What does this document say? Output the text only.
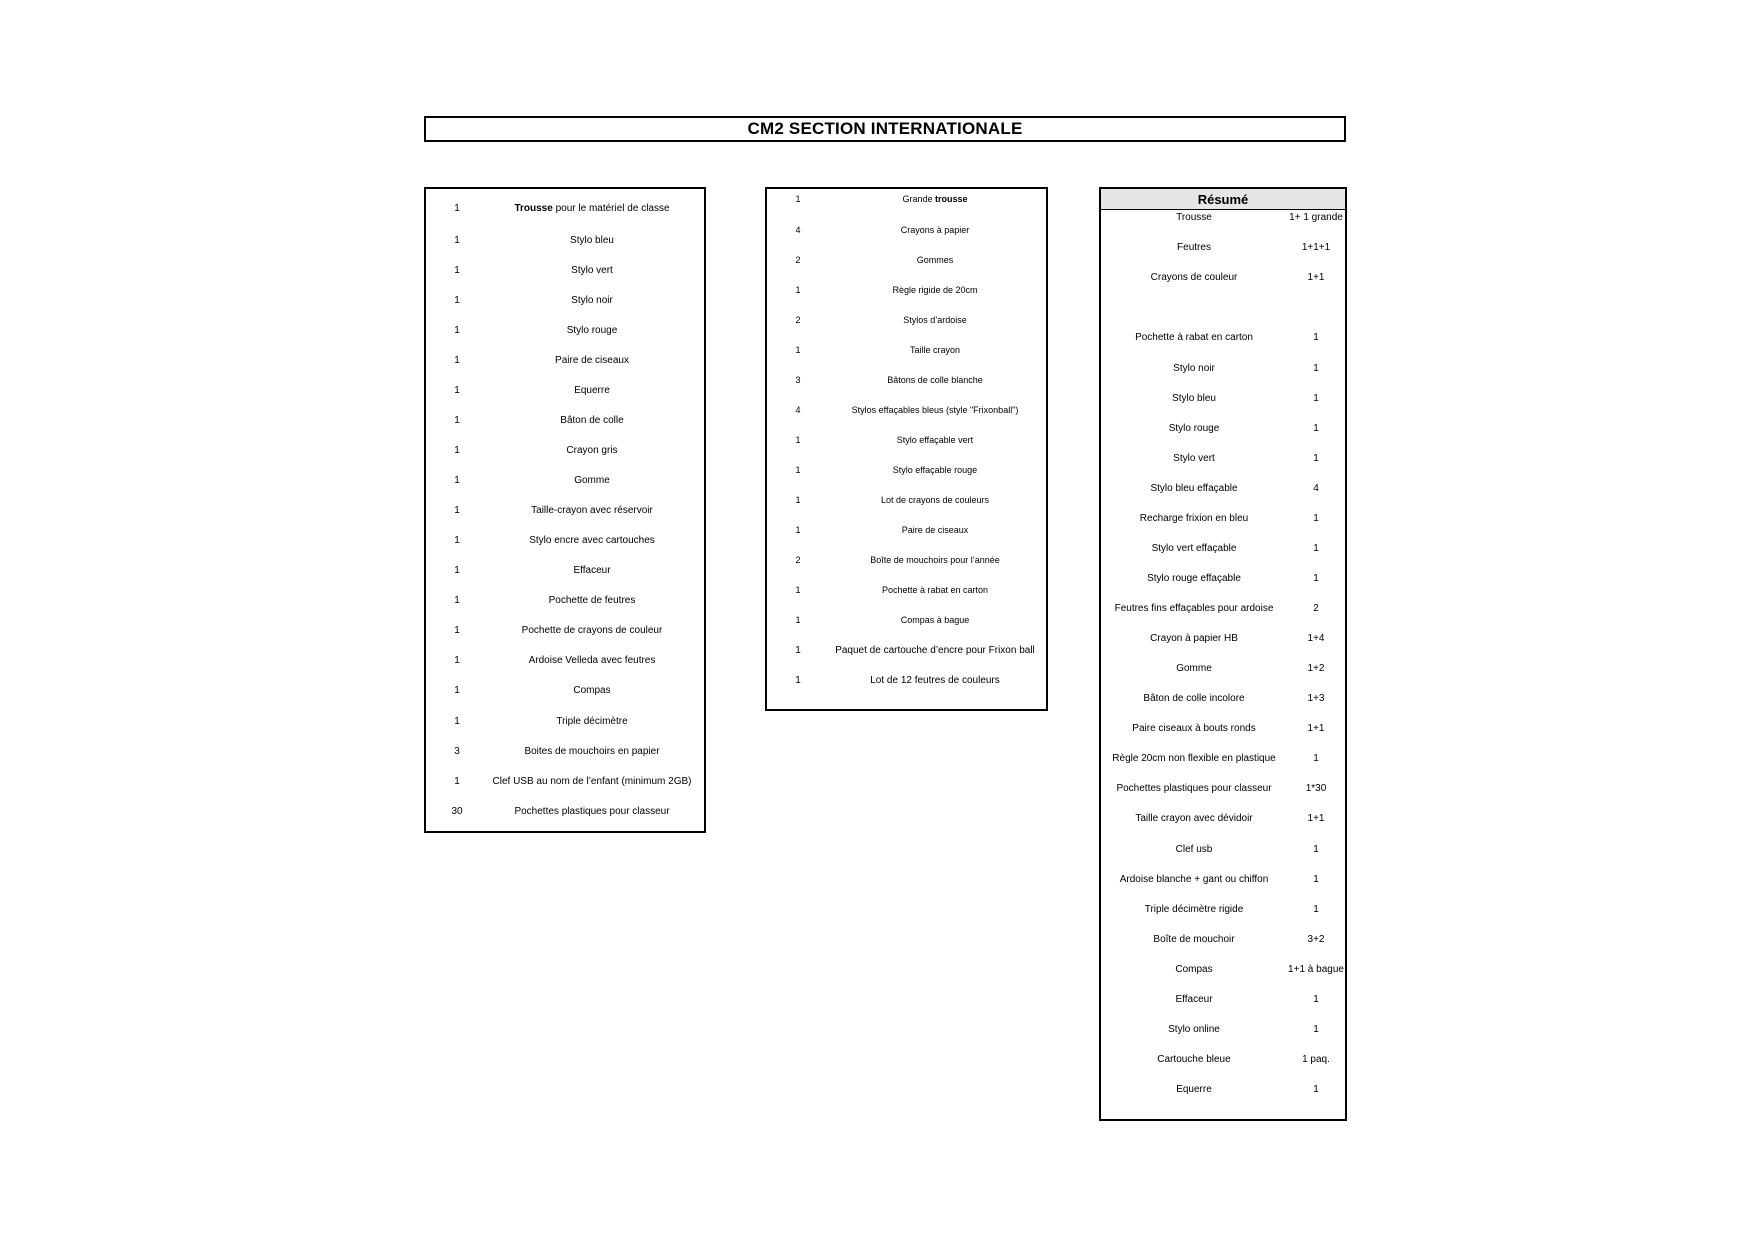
CM2 SECTION INTERNATIONALE
1	Trousse pour le matériel de classe
1	Stylo bleu
1	Stylo vert
1	Stylo noir
1	Stylo rouge
1	Paire de ciseaux
1	Equerre
1	Bâton de colle
1	Crayon gris
1	Gomme
1	Taille-crayon avec réservoir
1	Stylo encre avec cartouches
1	Effaceur
1	Pochette de feutres
1	Pochette de crayons de couleur
1	Ardoise Velleda avec feutres
1	Compas
1	Triple décimètre
3	Boites de mouchoirs en papier
1	Clef USB au nom de l’enfant (minimum 2GB)
30	Pochettes plastiques pour classeur
1	Grande trousse
4	Crayons à papier
2	Gommes
1	Règle rigide de 20cm
2	Stylos d’ardoise
1	Taille crayon
3	Bâtons de colle blanche
4	Stylos effaçables bleus (style "Frixonball")
1	Stylo effaçable vert
1	Stylo effaçable rouge
1	Lot de crayons de couleurs
1	Paire de ciseaux
2	Boîte de mouchoirs pour l’année
1	Pochette à rabat en carton
1	Compas à bague
1	Paquet de cartouche d’encre pour Frixon ball
1	Lot de 12 feutres de couleurs
Résumé
Trousse	1+ 1 grande
Feutres	1+1+1
Crayons de couleur	1+1
Pochette à rabat en carton	1
Stylo noir	1
Stylo bleu	1
Stylo rouge	1
Stylo vert	1
Stylo bleu effaçable	4
Recharge frixion en bleu	1
Stylo vert effaçable	1
Stylo rouge effaçable	1
Feutres fins effaçables pour ardoise	2
Crayon à papier HB	1+4
Gomme	1+2
Bâton de colle incolore	1+3
Paire ciseaux à bouts ronds	1+1
Règle 20cm non flexible en plastique	1
Pochettes plastiques pour classeur	1*30
Taille crayon avec dévidoir	1+1
Clef usb	1
Ardoise blanche + gant ou chiffon	1
Triple décimètre rigide	1
Boîte de mouchoir	3+2
Compas	1+1 à bague
Effaceur	1
Stylo online	1
Cartouche bleue	1 paq.
Equerre	1
